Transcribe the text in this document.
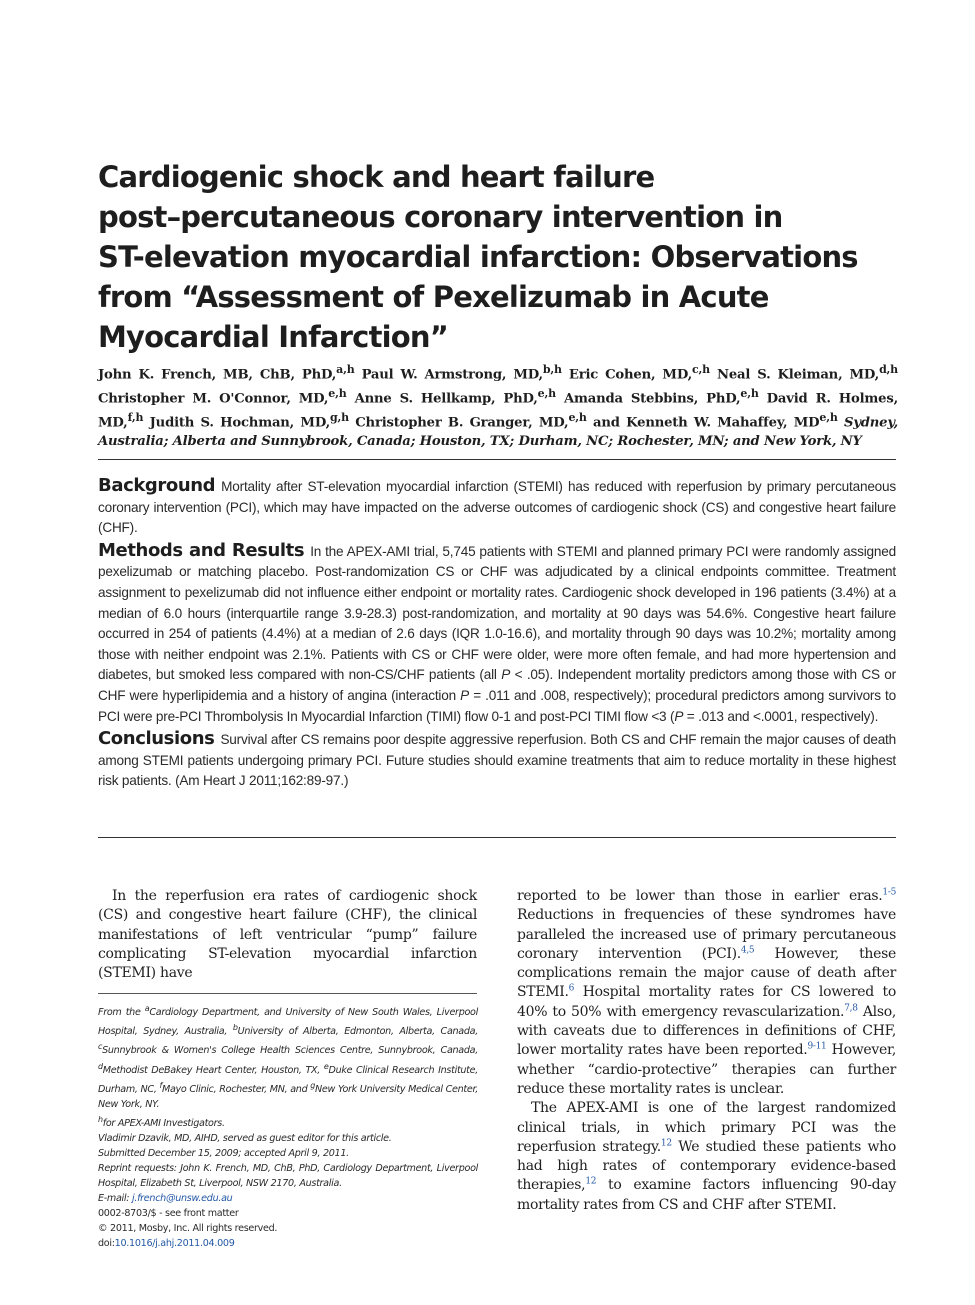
Cardiogenic shock and heart failure
post–percutaneous coronary intervention in
ST-elevation myocardial infarction: Observations
from “Assessment of Pexelizumab in Acute
Myocardial Infarction”

John K. French, MB, ChB, PhD,$^{a,h}$ Paul W. Armstrong, MD,$^{b,h}$ Eric Cohen, MD,$^{c,h}$ Neal S. Kleiman, MD,$^{d,h}$ Christopher M. O'Connor, MD,$^{e,h}$ Anne S. Hellkamp, PhD,$^{e,h}$ Amanda Stebbins, PhD,$^{e,h}$ David R. Holmes, MD,$^{f,h}$ Judith S. Hochman, MD,$^{g,h}$ Christopher B. Granger, MD,$^{e,h}$ and Kenneth W. Mahaffey, MD$^{e,h}$ Sydney, Australia; Alberta and Sunnybrook, Canada; Houston, TX; Durham, NC; Rochester, MN; and New York, NY

Background Mortality after ST-elevation myocardial infarction (STEMI) has reduced with reperfusion by primary percutaneous coronary intervention (PCI), which may have impacted on the adverse outcomes of cardiogenic shock (CS) and congestive heart failure (CHF).

Methods and Results In the APEX-AMI trial, 5,745 patients with STEMI and planned primary PCI were randomly assigned pexelizumab or matching placebo. Post-randomization CS or CHF was adjudicated by a clinical endpoints committee. Treatment assignment to pexelizumab did not influence either endpoint or mortality rates. Cardiogenic shock developed in 196 patients (3.4%) at a median of 6.0 hours (interquartile range 3.9-28.3) post-randomization, and mortality at 90 days was 54.6%. Congestive heart failure occurred in 254 of patients (4.4%) at a median of 2.6 days (IQR 1.0-16.6), and mortality through 90 days was 10.2%; mortality among those with neither endpoint was 2.1%. Patients with CS or CHF were older, were more often female, and had more hypertension and diabetes, but smoked less compared with non-CS/CHF patients (all P < .05). Independent mortality predictors among those with CS or CHF were hyperlipidemia and a history of angina (interaction P = .011 and .008, respectively); procedural predictors among survivors to PCI were pre-PCI Thrombolysis In Myocardial Infarction (TIMI) flow 0-1 and post-PCI TIMI flow <3 (P = .013 and <.0001, respectively).

Conclusions Survival after CS remains poor despite aggressive reperfusion. Both CS and CHF remain the major causes of death among STEMI patients undergoing primary PCI. Future studies should examine treatments that aim to reduce mortality in these highest risk patients. (Am Heart J 2011;162:89-97.)

In the reperfusion era rates of cardiogenic shock (CS) and congestive heart failure (CHF), the clinical manifestations of left ventricular “pump” failure complicating ST-elevation myocardial infarction (STEMI) have

From the $^a$Cardiology Department, and University of New South Wales, Liverpool Hospital, Sydney, Australia, $^b$University of Alberta, Edmonton, Alberta, Canada, $^c$Sunnybrook & Women's College Health Sciences Centre, Sunnybrook, Canada, $^d$Methodist DeBakey Heart Center, Houston, TX, $^e$Duke Clinical Research Institute, Durham, NC, $^f$Mayo Clinic, Rochester, MN, and $^g$New York University Medical Center, New York, NY.

$^h$for APEX-AMI Investigators.

Vladimir Dzavik, MD, AIHD, served as guest editor for this article.

Submitted December 15, 2009; accepted April 9, 2011.

Reprint requests: John K. French, MD, ChB, PhD, Cardiology Department, Liverpool Hospital, Elizabeth St, Liverpool, NSW 2170, Australia.

E-mail: j.french@unsw.edu.au

0002-8703/$ - see front matter

© 2011, Mosby, Inc. All rights reserved.

doi:10.1016/j.ahj.2011.04.009

reported to be lower than those in earlier eras.$^{1-5}$ Reductions in frequencies of these syndromes have paralleled the increased use of primary percutaneous coronary intervention (PCI).$^{4,5}$ However, these complications remain the major cause of death after STEMI.$^6$ Hospital mortality rates for CS lowered to 40% to 50% with emergency revascularization.$^{7,8}$ Also, with caveats due to differences in definitions of CHF, lower mortality rates have been reported.$^{9-11}$ However, whether “cardio-protective” therapies can further reduce these mortality rates is unclear.

The APEX-AMI is one of the largest randomized clinical trials, in which primary PCI was the reperfusion strategy.$^{12}$ We studied these patients who had high rates of contemporary evidence-based therapies,$^{12}$ to examine factors influencing 90-day mortality rates from CS and CHF after STEMI.
